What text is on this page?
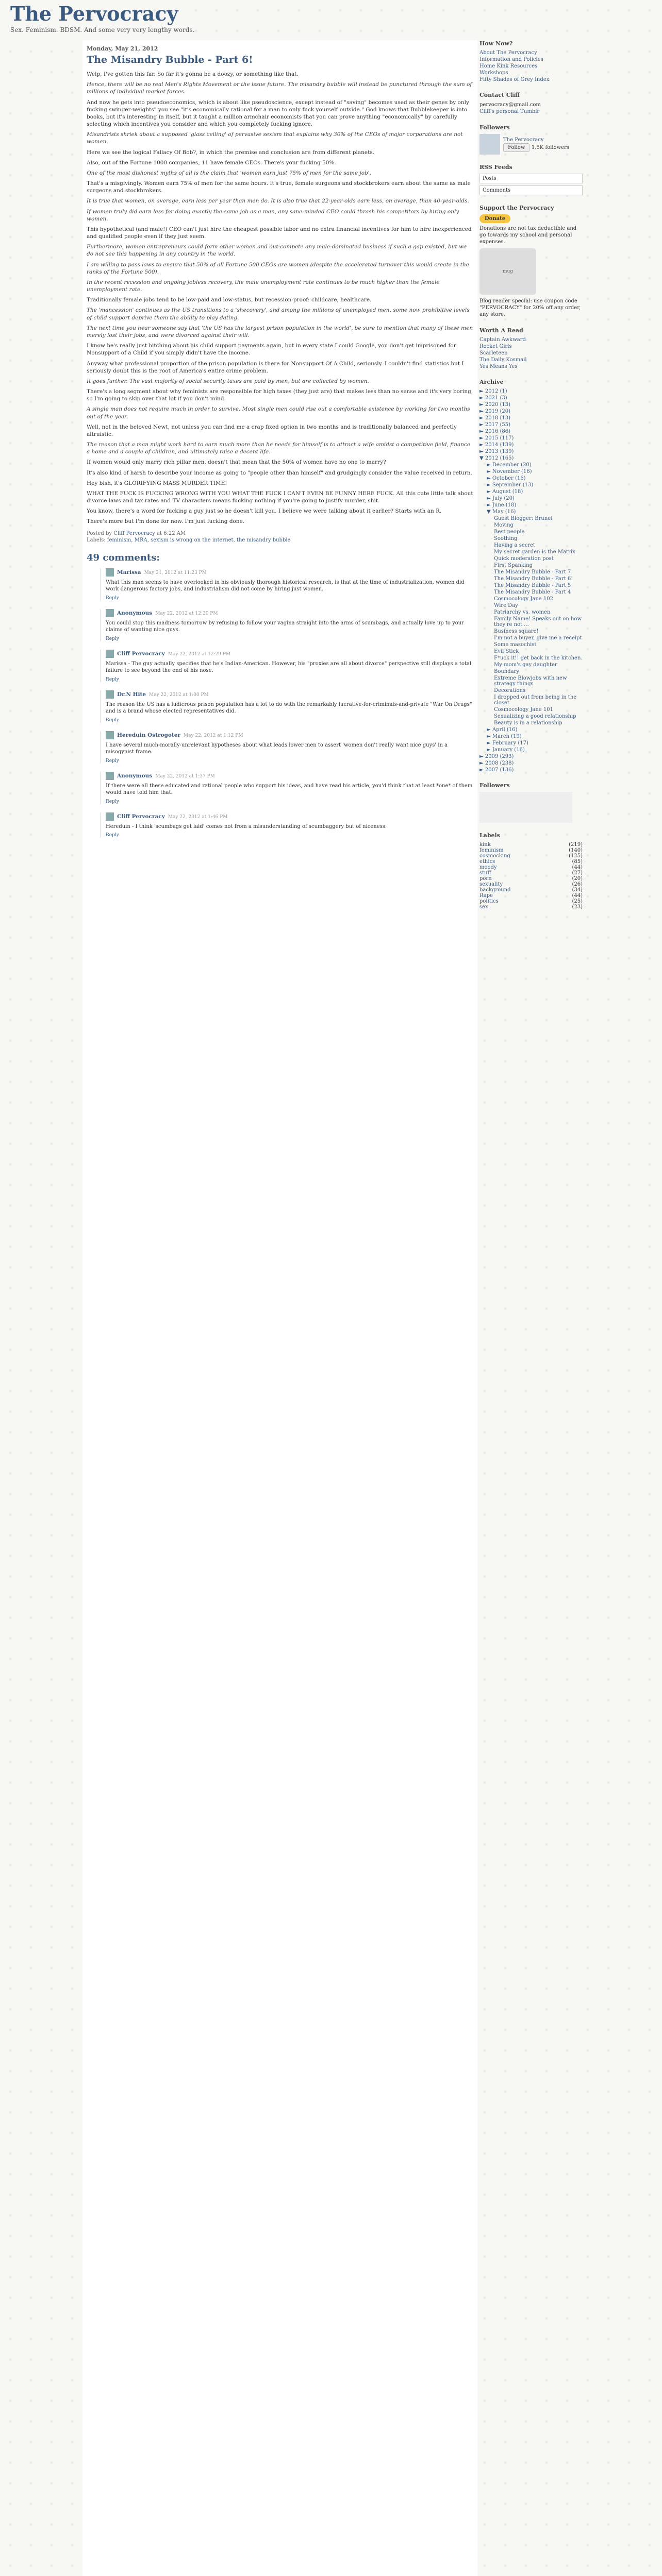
The Pervocracy
Sex. Feminism. BDSM. And some very very lengthy words.
Monday, May 21, 2012
The Misandry Bubble - Part 6!

Welp, I've gotten this far. So far it's gonna be a doozy, or something like that.

Hence, there will be no real Men's Rights Movement or the issue future. The misandry bubble will instead be punctured through the sum of millions of individual market forces.

And now he gets into pseudoeconomics, which is about like pseudoscience, except instead of "saving" becomes used as their genes by only fucking swinger-weights" you see "it's economically rational for a man to only fuck yourself outside." God knows that Bubblekeeper is into books, but it's interesting in itself, but it taught a million armchair economists that you can prove anything "economically" by carefully selecting which incentives you consider and which you completely fucking ignore.

Misandrists shriek about a supposed 'glass ceiling' of pervasive sexism that explains why 30% of the CEOs of major corporations are not women.

Here we see the logical Fallacy Of Bob?, in which the premise and conclusion are from different planets.

Also, out of the Fortune 1000 companies, 11 have female CEOs. There's your fucking 50%.

One of the most dishonest myths of all is the claim that 'women earn just 75% of men for the same job'.

That's a misgivingly. Women earn 75% of men for the same hours. It's true, female surgeons and stockbrokers earn about the same as male surgeons and stockbrokers.

It is true that women, on average, earn less per year than men do. It is also true that 22-year-olds earn less, on average, than 40-year-olds.

If women truly did earn less for doing exactly the same job as a man, any sane-minded CEO could thrash his competitors by hiring only women.

This hypothetical (and male!) CEO can't just hire the cheapest possible labor and no extra financial incentives for him to hire inexperienced and qualified people even if they just seem.

Furthermore, women entrepreneurs could form other women and out-compete any male-dominated business if such a gap existed, but we do not see this happening in any country in the world.

I am willing to pass laws to ensure that 50% of all Fortune 500 CEOs are women (despite the accelerated turnover this would create in the ranks of the Fortune 500).

In the recent recession and ongoing jobless recovery, the male unemployment rate continues to be much higher than the female unemployment rate.

Traditionally female jobs tend to be low-paid and low-status, but recession-proof: childcare, healthcare.

The 'mancession' continues as the US transitions to a 'shecovery', and among the millions of unemployed men, some now prohibitive levels of child support deprive them the ability to play dating.

The next time you hear someone say that 'the US has the largest prison population in the world', be sure to mention that many of these men merely lost their jobs, and were divorced against their will.

I know he's really just bitching about his child support payments again, but in every state I could Google, you don't get imprisoned for Nonsupport of a Child if you simply didn't have the income.

Anyway what professional proportion of the prison population is there for Nonsupport Of A Child, seriously. I couldn't find statistics but I seriously doubt this is the root of America's entire crime problem.

It goes further. The vast majority of social security taxes are paid by men, but are collected by women.

There's a long segment about why feminists are responsible for high taxes (they just are) that makes less than no sense and it's very boring, so I'm going to skip over that lot if you don't mind.

A single man does not require much in order to survive. Most single men could rise out a comfortable existence by working for two months out of the year.

Well, not in the beloved Newt, not unless you can find me a crap fixed option in two months and is traditionally balanced and perfectly altruistic.

The reason that a man might work hard to earn much more than he needs for himself is to attract a wife amidst a competitive field, finance a home and a couple of children, and ultimately raise a decent life.

If women would only marry rich pillar men, doesn't that mean that the 50% of women have no one to marry?

It's also kind of harsh to describe your income as going to "people other than himself" and grudgingly consider the value received in return.

Hey bish, it's GLORIFYING MASS MURDER TIME!

WHAT THE FUCK IS FUCKING WRONG WITH YOU WHAT THE FUCK I CAN'T EVEN BE FUNNY HERE FUCK. All this cute little talk about divorce laws and tax rates and TV characters means fucking nothing if you're going to justify murder, shit.

You know, there's a word for fucking a guy just so he doesn't kill you. I believe we were talking about it earlier? Starts with an R.

There's more but I'm done for now. I'm just fucking done.

Posted by Cliff Pervocracy at 6:22 AM
Labels: feminism, MRA, sexism is wrong on the internet, the misandry bubble
49 comments:
Marissa May 21, 2012 at 11:23 PM

What this man seems to have overlooked in his obviously thorough historical research, is that at the time of industrialization, women did work dangerous factory jobs, and industrialism did not come by hiring just women.

Reply
Anonymous May 22, 2012 at 12:20 PM

You could stop this madness tomorrow by refusing to follow your vagina straight into the arms of scumbags, and actually love up to your claims of wanting nice guys.

Reply
Cliff Pervocracy May 22, 2012 at 12:29 PM

Marissa - The guy actually specifies that he's Indian-American. However, his "proxies are all about divorce" perspective still displays a total failure to see beyond the end of his nose.

Reply
Dr.N Hite May 22, 2012 at 1:00 PM

The reason the US has a ludicrous prison population has a lot to do with the remarkably lucrative-for-criminals-and-private "War On Drugs" and is a brand whose elected representatives did.

Reply
Hereduin Ostrogoter May 22, 2012 at 1:12 PM

I have several much-morally-unrelevant hypotheses about what leads lower men to assert 'women don't really want nice guys' in a misogynist frame.

Reply
Anonymous May 22, 2012 at 1:37 PM

If there were all these educated and rational people who support his ideas, and have read his article, you'd think that at least *one* of them would have told him that.

Reply
Cliff Pervocracy May 22, 2012 at 1:46 PM

Hereduin - I think 'scumbags get laid' comes not from a misunderstanding of scumbaggery but of niceness.

Reply
How Now?
About The Pervocracy
Information and Policies
Home Kink Resources
Workshops
Fifty Shades of Grey Index
Contact Cliff
pervocracy@gmail.com
Cliff's personal Tumblr
Followers
The Pervocracy
Follow 1.5K followers
RSS Feeds
Posts
Comments
Support the Pervocracy
Donate
Donations are not tax deductible and go towards my school and personal expenses.
mug
Blog reader special: use coupon code "PERVOCRACY" for 20% off any order, any store.
Worth A Read
Captain Awkward
Rocket Girls
Scarleteen
The Daily Kosmail
Yes Means Yes
Archive
► 2012 (1)
► 2021 (3)
► 2020 (13)
► 2019 (20)
► 2018 (13)
► 2017 (55)
► 2016 (86)
► 2015 (117)
► 2014 (139)
► 2013 (139)
▼ 2012 (165)
► December (20)
► November (16)
► October (16)
► September (13)
► August (18)
► July (20)
► June (18)
▼ May (16)
Guest Blogger: Brunei
Moving
Best people
Soothing
Having a secret
My secret garden is the Matrix
Quick moderation post
First Spanking
The Misandry Bubble - Part 7
The Misandry Bubble - Part 6!
The Misandry Bubble - Part 5
The Misandry Bubble - Part 4
Cosmocology Jane 102
Wire Day
Patriarchy vs. women
Family Name! Speaks out on how they're not ...
Business square!
I'm not a buyer, give me a receipt
Some masochist
Evil Stick
F*uck it!! get back in the kitchen.
My mom's gay daughter
Boundary
Extreme Blowjobs with new strategy things
Decorations
I dropped out from being in the closet
Cosmocology Jane 101
Sexualizing a good relationship
Beauty is in a relationship
► April (16)
► March (19)
► February (17)
► January (16)
► 2009 (293)
► 2008 (238)
► 2007 (136)
Followers
Labels
kink	(219)
feminism	(140)
cosmocking	(125)
ethics	(85)
moody	(44)
stuff	(27)
porn	(20)
sexuality	(26)
background	(34)
Rape	(44)
politics	(25)
sex	(23)
